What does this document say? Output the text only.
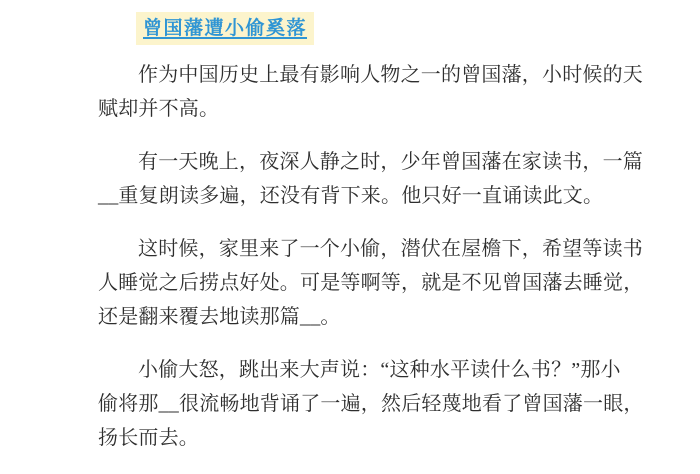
曾国藩遭小偷奚落
作为中国历史上最有影响人物之一的曾国藩，小时候的天
赋却并不高。
有一天晚上，夜深人静之时，少年曾国藩在家读书，一篇
__重复朗读多遍，还没有背下来。他只好一直诵读此文。
这时候，家里来了一个小偷，潜伏在屋檐下，希望等读书
人睡觉之后捞点好处。可是等啊等，就是不见曾国藩去睡觉，
还是翻来覆去地读那篇__。
小偷大怒，跳出来大声说：“这种水平读什么书？”那小
偷将那__很流畅地背诵了一遍，然后轻蔑地看了曾国藩一眼，
扬长而去。
